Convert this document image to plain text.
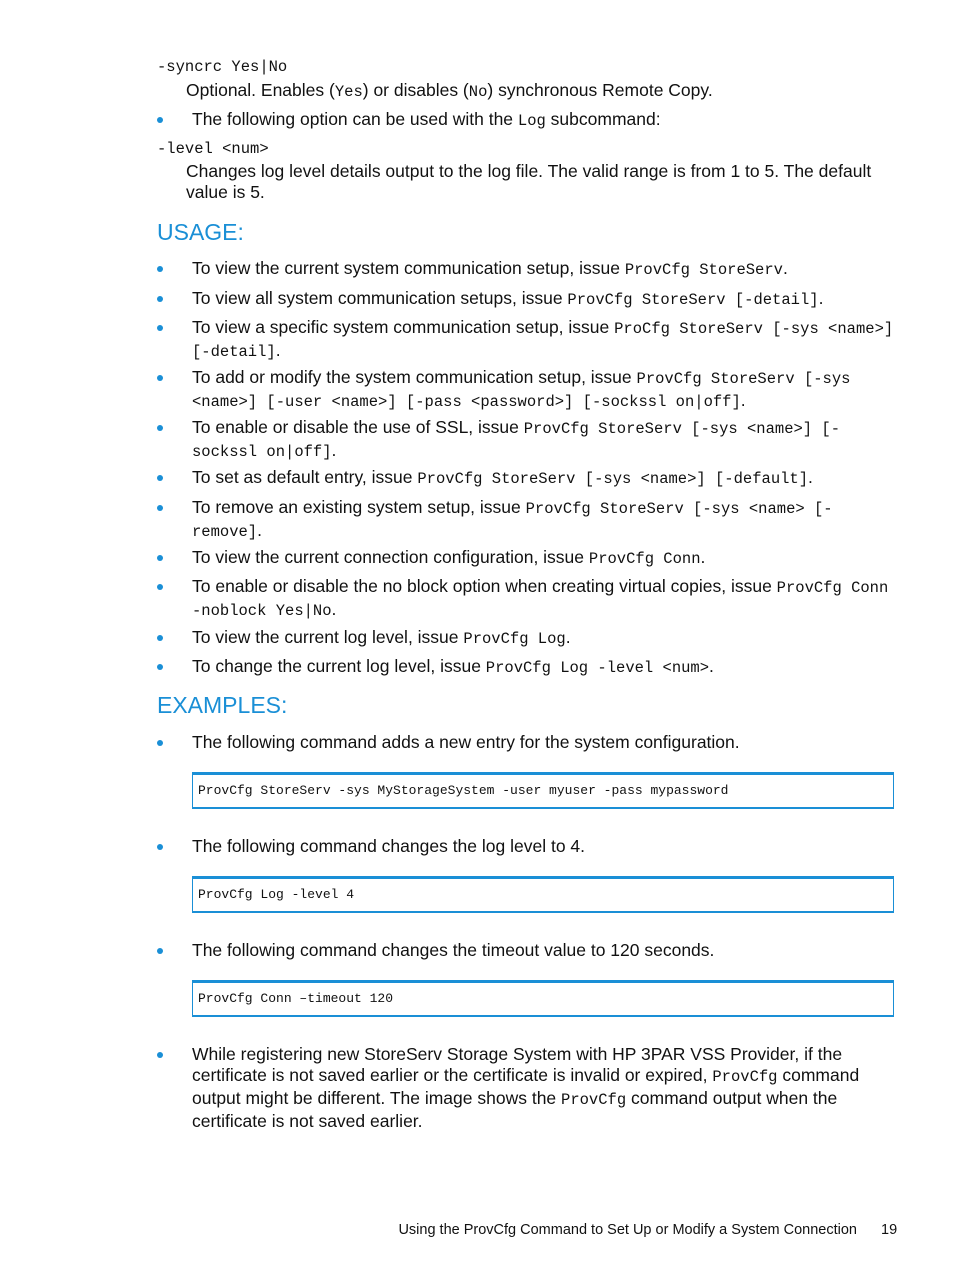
-syncrc Yes|No
Optional. Enables (Yes) or disables (No) synchronous Remote Copy.
The following option can be used with the Log subcommand:
-level <num>
Changes log level details output to the log file. The valid range is from 1 to 5. The default value is 5.
USAGE:
To view the current system communication setup, issue ProvCfg StoreServ.
To view all system communication setups, issue ProvCfg StoreServ [-detail].
To view a specific system communication setup, issue ProCfg StoreServ [-sys <name>] [-detail].
To add or modify the system communication setup, issue ProvCfg StoreServ [-sys <name>] [-user <name>] [-pass <password>] [-sockssl on|off].
To enable or disable the use of SSL, issue ProvCfg StoreServ [-sys <name>] [-sockssl on|off].
To set as default entry, issue ProvCfg StoreServ [-sys <name>] [-default].
To remove an existing system setup, issue ProvCfg StoreServ [-sys <name> [-remove].
To view the current connection configuration, issue ProvCfg Conn.
To enable or disable the no block option when creating virtual copies, issue ProvCfg Conn -noblock Yes|No.
To view the current log level, issue ProvCfg Log.
To change the current log level, issue ProvCfg Log -level <num>.
EXAMPLES:
The following command adds a new entry for the system configuration.
ProvCfg StoreServ -sys MyStorageSystem -user myuser -pass mypassword
The following command changes the log level to 4.
ProvCfg Log -level 4
The following command changes the timeout value to 120 seconds.
ProvCfg Conn –timeout 120
While registering new StoreServ Storage System with HP 3PAR VSS Provider, if the certificate is not saved earlier or the certificate is invalid or expired, ProvCfg command output might be different. The image shows the ProvCfg command output when the certificate is not saved earlier.
Using the ProvCfg Command to Set Up or Modify a System Connection 19
